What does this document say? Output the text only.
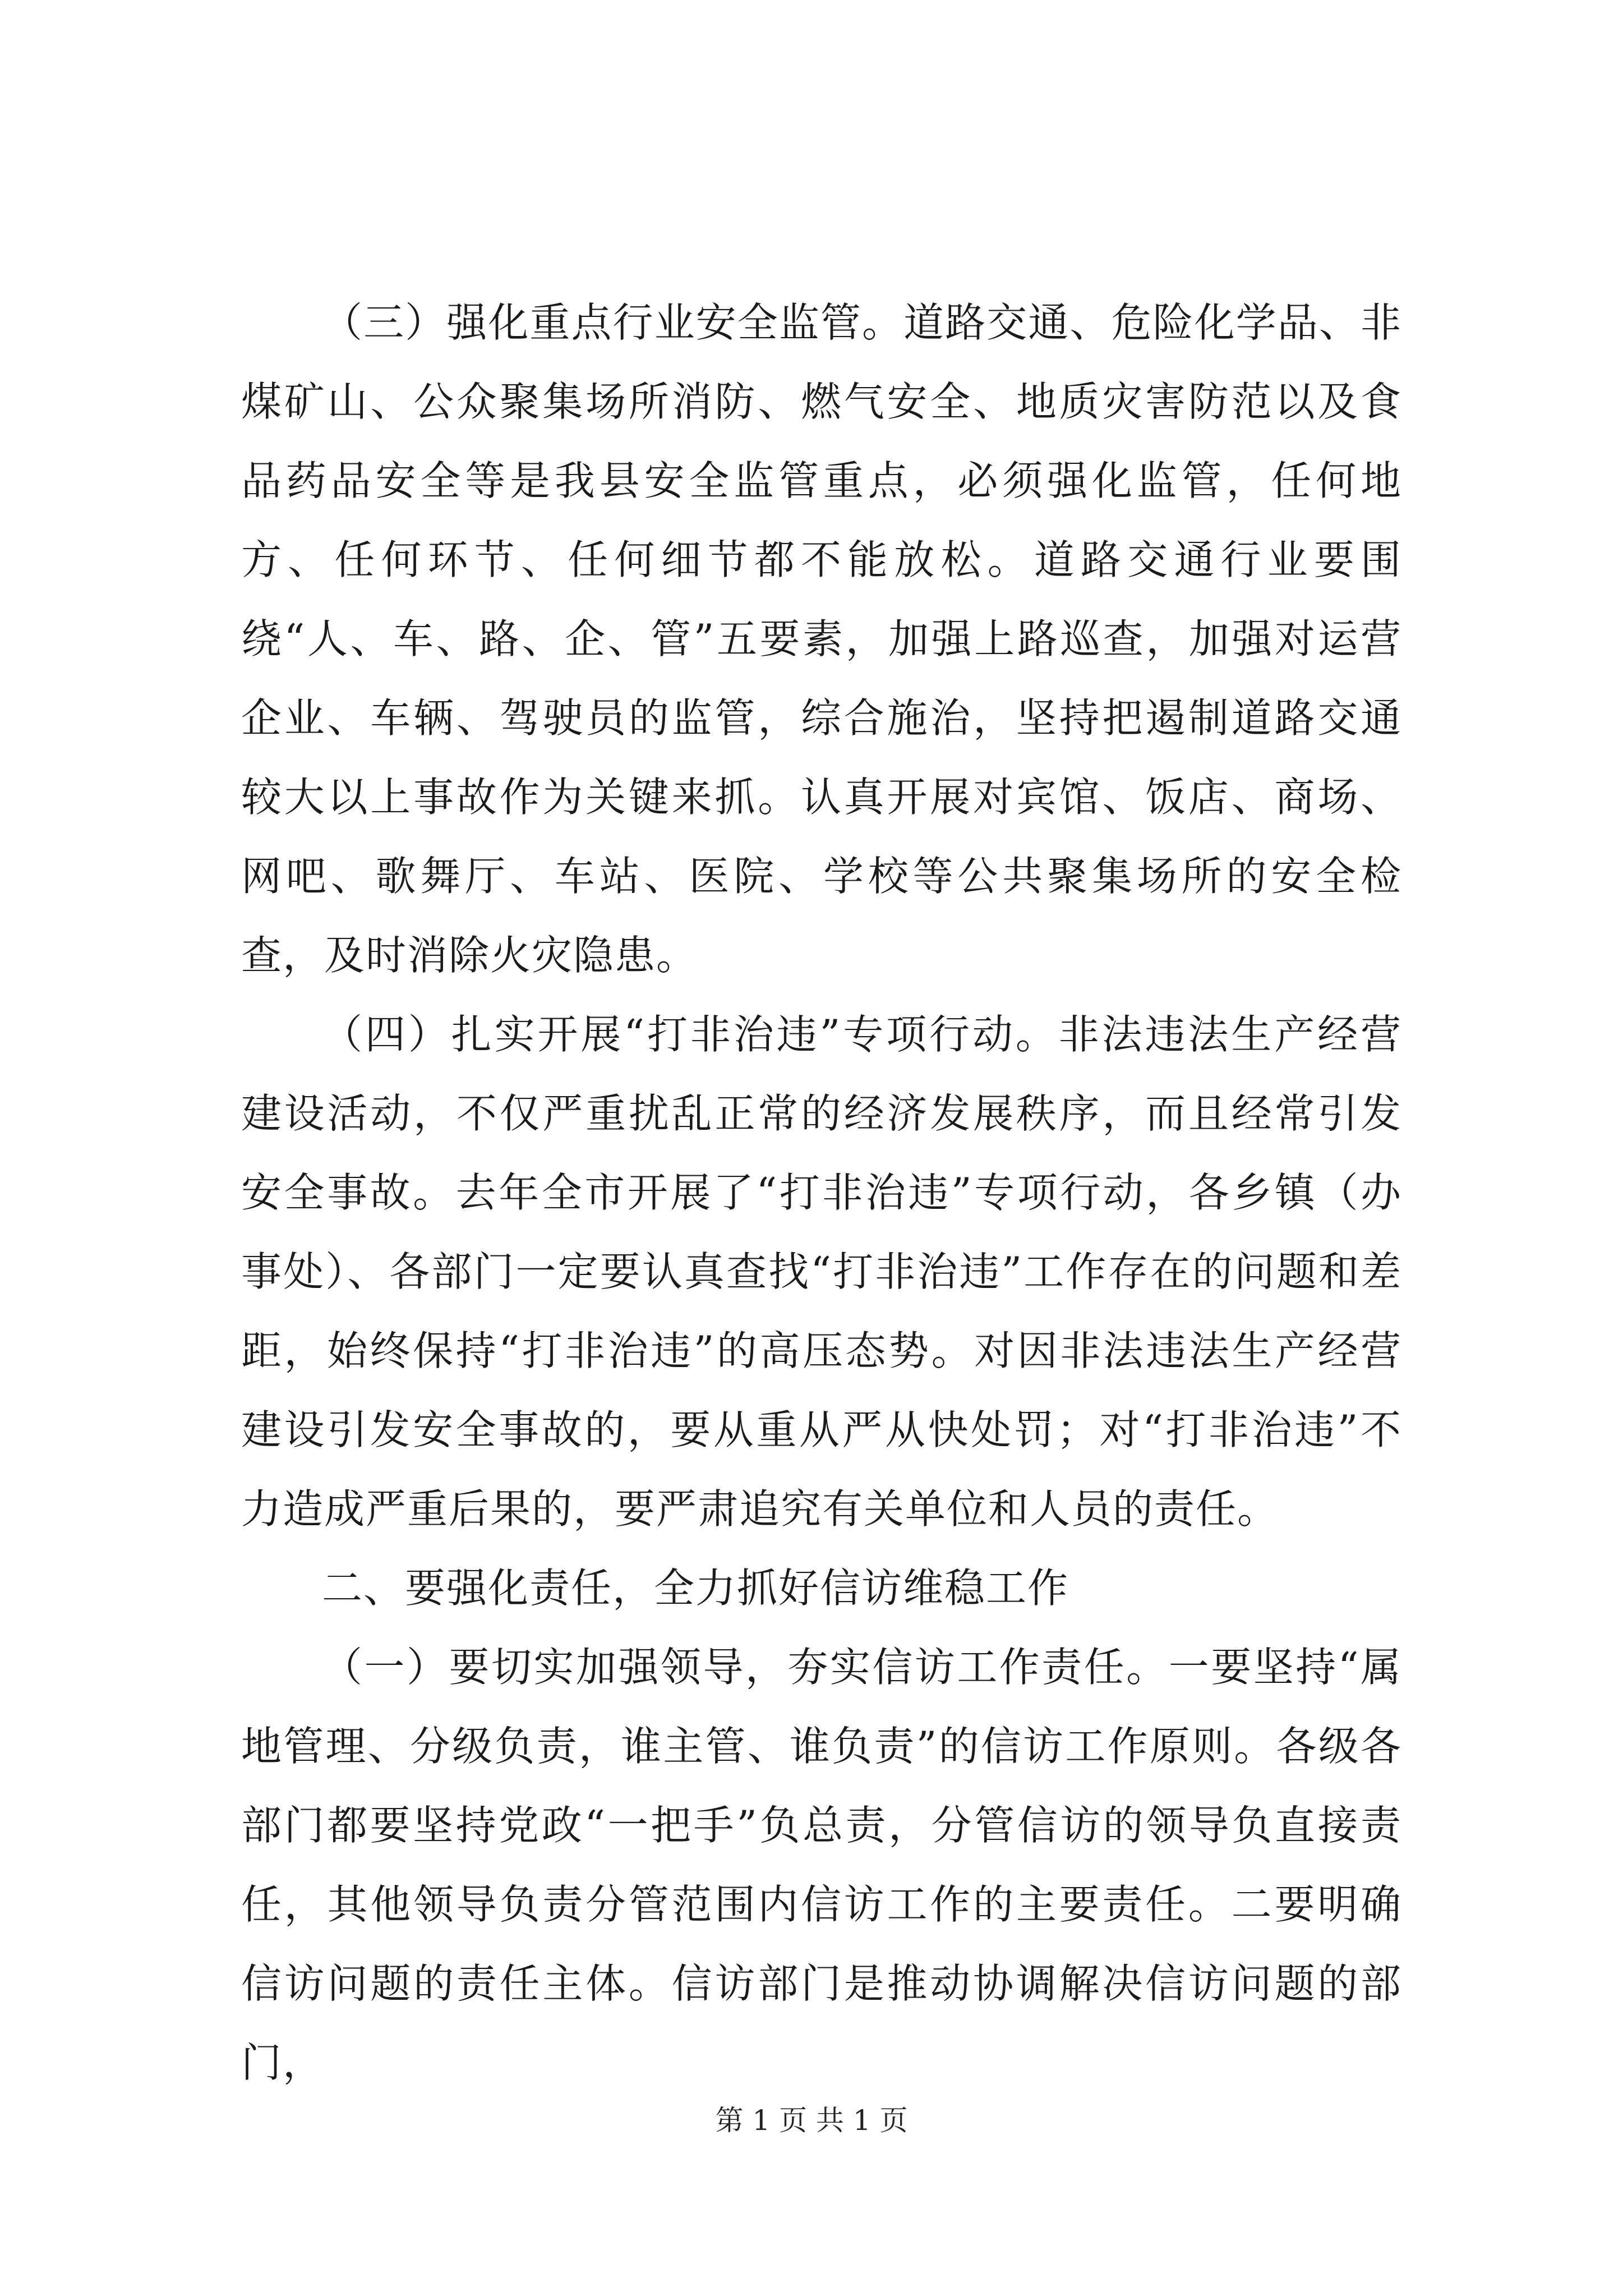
（三）强化重点行业安全监管。道路交通、危险化学品、非煤矿山、公众聚集场所消防、燃气安全、地质灾害防范以及食品药品安全等是我县安全监管重点，必须强化监管，任何地方、任何环节、任何细节都不能放松。道路交通行业要围绕“人、车、路、企、管”五要素，加强上路巡查，加强对运营企业、车辆、驾驶员的监管，综合施治，坚持把遏制道路交通较大以上事故作为关键来抓。认真开展对宾馆、饭店、商场、网吧、歌舞厅、车站、医院、学校等公共聚集场所的安全检查，及时消除火灾隐患。

（四）扎实开展“打非治违”专项行动。非法违法生产经营建设活动，不仅严重扰乱正常的经济发展秩序，而且经常引发安全事故。去年全市开展了“打非治违”专项行动，各乡镇（办事处）、各部门一定要认真查找“打非治违”工作存在的问题和差距，始终保持“打非治违”的高压态势。对因非法违法生产经营建设引发安全事故的，要从重从严从快处罚；对“打非治违”不力造成严重后果的，要严肃追究有关单位和人员的责任。

二、要强化责任，全力抓好信访维稳工作

（一）要切实加强领导，夯实信访工作责任。一要坚持“属地管理、分级负责，谁主管、谁负责”的信访工作原则。各级各部门都要坚持党政“一把手”负总责，分管信访的领导负直接责任，其他领导负责分管范围内信访工作的主要责任。二要明确信访问题的责任主体。信访部门是推动协调解决信访问题的部门，

第 1 页 共 1 页
